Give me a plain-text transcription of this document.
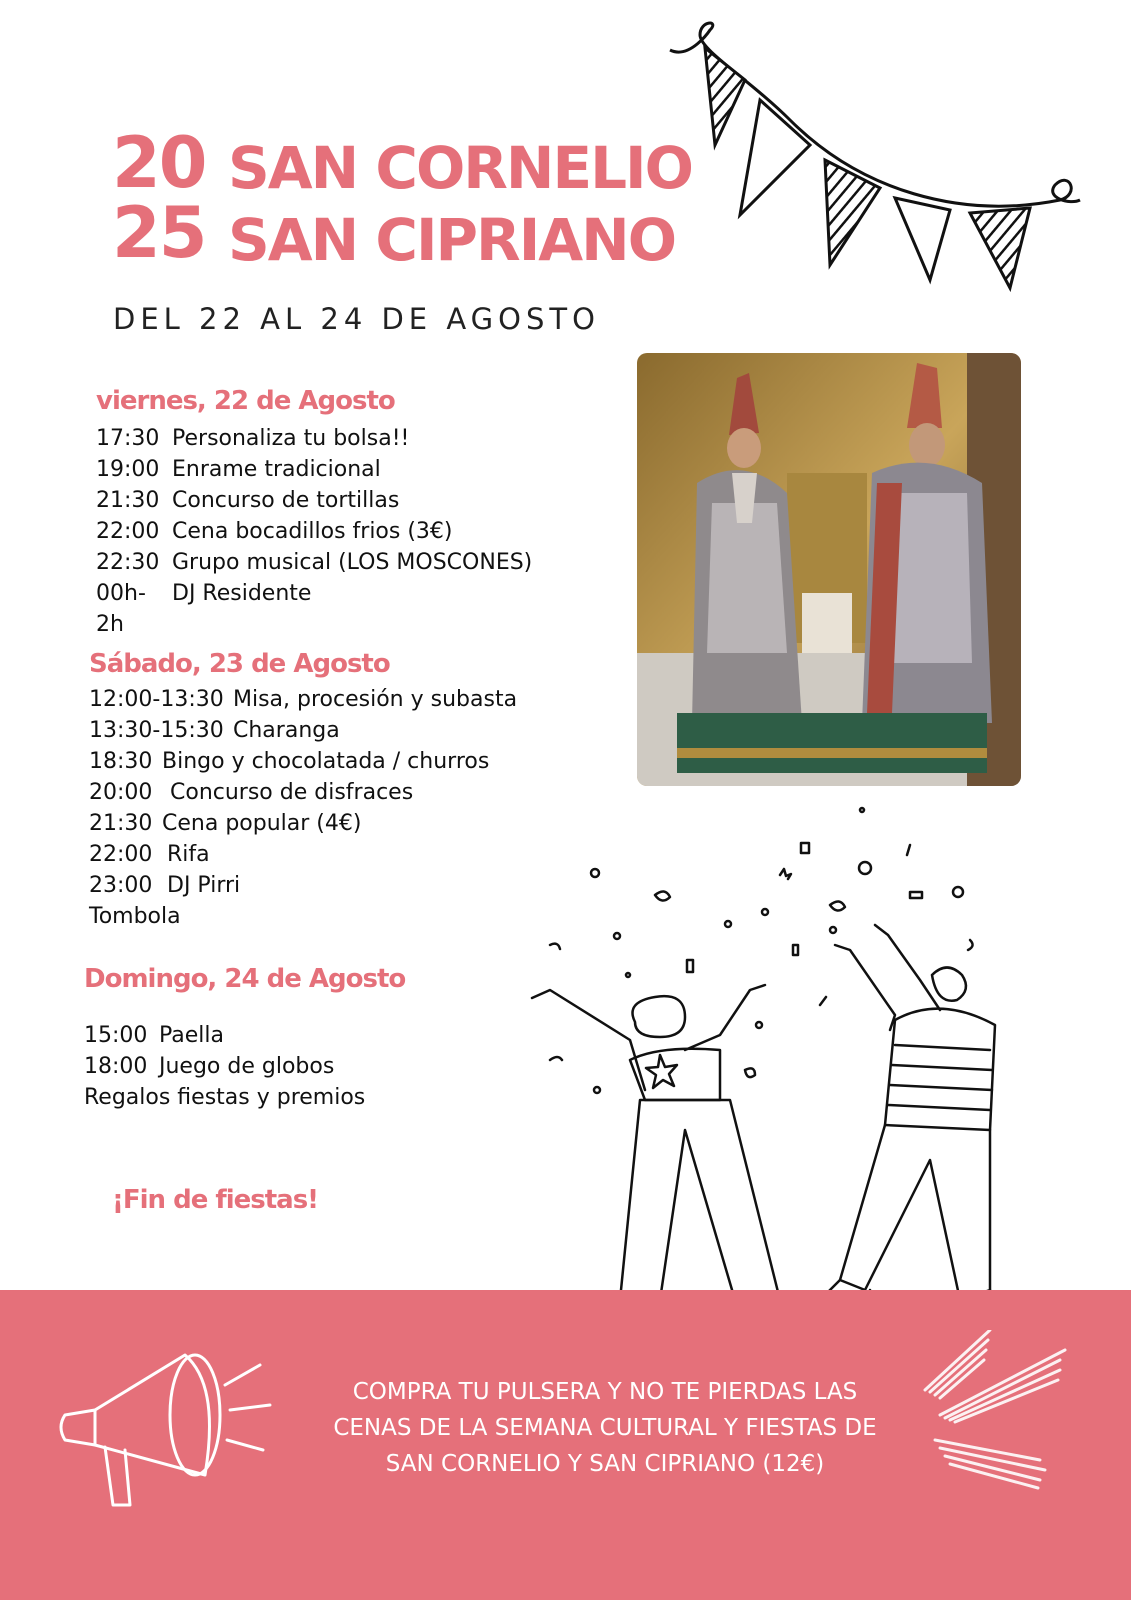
20
25
SAN CORNELIO
SAN CIPRIANO
DEL 22 AL 24 DE AGOSTO
viernes, 22 de Agosto
17:30 Personaliza tu bolsa!!
19:00 Enrame tradicional
21:30 Concurso de tortillas
22:00 Cena bocadillos frios (3€)
22:30 Grupo musical (LOS MOSCONES)
00h-	DJ Residente
2h
Sábado, 23 de Agosto
12:00-13:30 Misa, procesión y subasta
13:30-15:30 Charanga
18:30 Bingo y chocolatada / churros
20:00 Concurso de disfraces
21:30 Cena popular (4€)
22:00 Rifa
23:00 DJ Pirri
Tombola
Domingo, 24 de Agosto
15:00 Paella
18:00 Juego de globos
Regalos fiestas y premios
¡Fin de fiestas!
COMPRA TU PULSERA Y NO TE PIERDAS LAS
CENAS DE LA SEMANA CULTURAL Y FIESTAS DE
SAN CORNELIO Y SAN CIPRIANO (12€)
